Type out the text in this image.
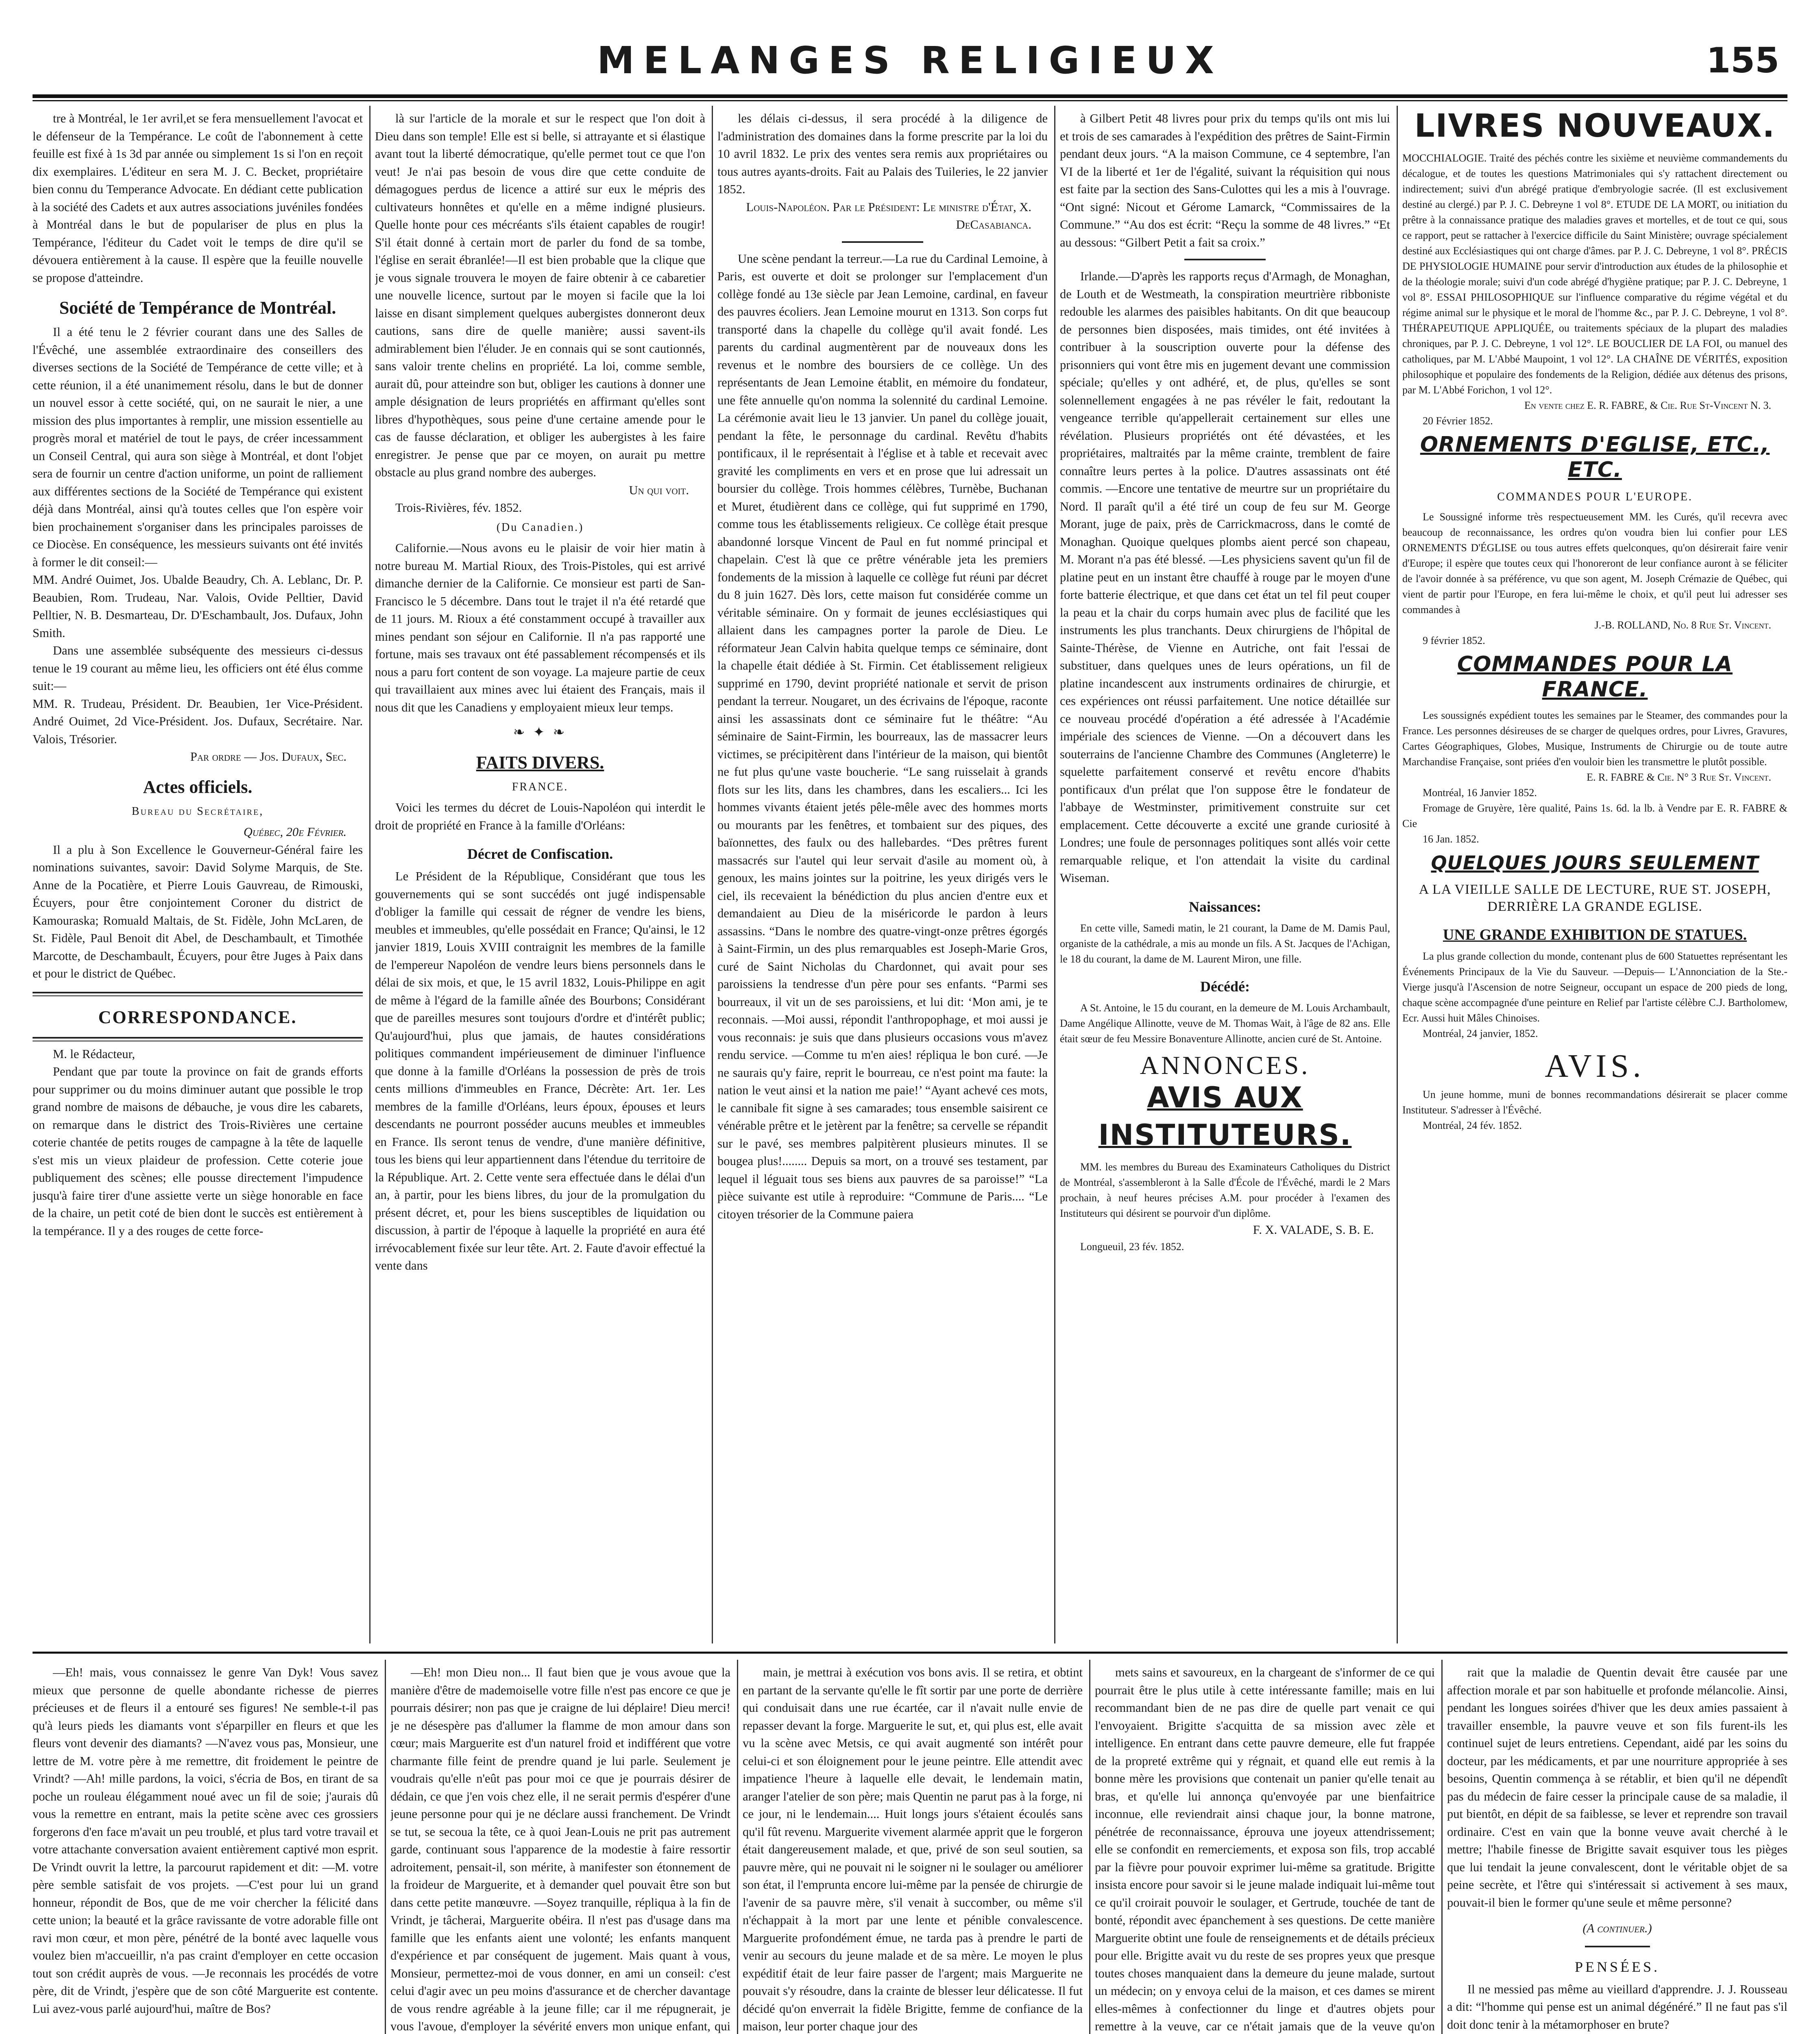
MELANGES RELIGIEUX	155

tre à Montréal, le 1er avril,et se fera mensuellement l'avocat et le défenseur de la Tempérance. Le coût de l'abonnement à cette feuille est fixé à 1s 3d par année ou simplement 1s si l'on en reçoit dix exemplaires. L'éditeur en sera M. J. C. Becket, propriétaire bien connu du Temperance Advocate. En dédiant cette publication à la société des Cadets et aux autres associations juvéniles fondées à Montréal dans le but de populariser de plus en plus la Tempérance, l'éditeur du Cadet voit le temps de dire qu'il se dévouera entièrement à la cause. Il espère que la feuille nouvelle se propose d'atteindre.

Société de Tempérance de Montréal.

Il a été tenu le 2 février courant dans une des Salles de l'Évêché, une assemblée extraordinaire des conseillers des diverses sections de la Société de Tempérance de cette ville; et à cette réunion, il a été unanimement résolu, dans le but de donner un nouvel essor à cette société, qui, on ne saurait le nier, a une mission des plus importantes à remplir, une mission essentielle au progrès moral et matériel de tout le pays, de créer incessamment un Conseil Central, qui aura son siège à Montréal, et dont l'objet sera de fournir un centre d'action uniforme, un point de ralliement aux différentes sections de la Société de Tempérance qui existent déjà dans Montréal, ainsi qu'à toutes celles que l'on espère voir bien prochainement s'organiser dans les principales paroisses de ce Diocèse. En conséquence, les messieurs suivants ont été invités à former le dit conseil:—

MM. André Ouimet, Jos. Ubalde Beaudry, Ch. A. Leblanc, Dr. P. Beaubien, Rom. Trudeau, Nar. Valois, Ovide Pelltier, David Pelltier, N. B. Desmarteau, Dr. D'Eschambault, Jos. Dufaux, John Smith.

Dans une assemblée subséquente des messieurs ci-dessus tenue le 19 courant au même lieu, les officiers ont été élus comme suit:—

MM. R. Trudeau, Président. Dr. Beaubien, 1er Vice-Président. André Ouimet, 2d Vice-Président. Jos. Dufaux, Secrétaire. Nar. Valois, Trésorier.

Par ordre — Jos. Dufaux, Sec.
Actes officiels.
Bureau du Secrétaire,
Québec, 20e Février.

Il a plu à Son Excellence le Gouverneur-Général faire les nominations suivantes, savoir: David Solyme Marquis, de Ste. Anne de la Pocatière, et Pierre Louis Gauvreau, de Rimouski, Écuyers, pour être conjointement Coroner du district de Kamouraska; Romuald Maltais, de St. Fidèle, John McLaren, de St. Fidèle, Paul Benoit dit Abel, de Deschambault, et Timothée Marcotte, de Deschambault, Écuyers, pour être Juges à Paix dans et pour le district de Québec.

CORRESPONDANCE.

M. le Rédacteur,

Pendant que par toute la province on fait de grands efforts pour supprimer ou du moins diminuer autant que possible le trop grand nombre de maisons de débauche, je vous dire les cabarets, on remarque dans le district des Trois-Rivières une certaine coterie chantée de petits rouges de campagne à la tête de laquelle s'est mis un vieux plaideur de profession. Cette coterie joue publiquement des scènes; elle pousse directement l'impudence jusqu'à faire tirer d'une assiette verte un siège honorable en face de la chaire, un petit coté de bien dont le succès est entièrement à la tempérance. Il y a des rouges de cette force-

là sur l'article de la morale et sur le respect que l'on doit à Dieu dans son temple! Elle est si belle, si attrayante et si élastique avant tout la liberté démocratique, qu'elle permet tout ce que l'on veut! Je n'ai pas besoin de vous dire que cette conduite de démagogues perdus de licence a attiré sur eux le mépris des cultivateurs honnêtes et qu'elle en a même indigné plusieurs. Quelle honte pour ces mécréants s'ils étaient capables de rougir! S'il était donné à certain mort de parler du fond de sa tombe, l'église en serait ébranlée!—Il est bien probable que la clique que je vous signale trouvera le moyen de faire obtenir à ce cabaretier une nouvelle licence, surtout par le moyen si facile que la loi laisse en disant simplement quelques aubergistes donneront deux cautions, sans dire de quelle manière; aussi savent-ils admirablement bien l'éluder. Je en connais qui se sont cautionnés, sans valoir trente chelins en propriété. La loi, comme semble, aurait dû, pour atteindre son but, obliger les cautions à donner une ample désignation de leurs propriétés en affirmant qu'elles sont libres d'hypothèques, sous peine d'une certaine amende pour le cas de fausse déclaration, et obliger les aubergistes à les faire enregistrer. Je pense que par ce moyen, on aurait pu mettre obstacle au plus grand nombre des auberges.

Un qui voit.

Trois-Rivières, fév. 1852.

(Du Canadien.)

Californie.—Nous avons eu le plaisir de voir hier matin à notre bureau M. Martial Rioux, des Trois-Pistoles, qui est arrivé dimanche dernier de la Californie. Ce monsieur est parti de San-Francisco le 5 décembre. Dans tout le trajet il n'a été retardé que de 11 jours. M. Rioux a été constamment occupé à travailler aux mines pendant son séjour en Californie. Il n'a pas rapporté une fortune, mais ses travaux ont été passablement récompensés et ils nous a paru fort content de son voyage. La majeure partie de ceux qui travaillaient aux mines avec lui étaient des Français, mais il nous dit que les Canadiens y employaient mieux leur temps.

❧ ✦ ❧
FAITS DIVERS.
FRANCE.

Voici les termes du décret de Louis-Napoléon qui interdit le droit de propriété en France à la famille d'Orléans:

Décret de Confiscation.

Le Président de la République, Considérant que tous les gouvernements qui se sont succédés ont jugé indispensable d'obliger la famille qui cessait de régner de vendre les biens, meubles et immeubles, qu'elle possédait en France; Qu'ainsi, le 12 janvier 1819, Louis XVIII contraignit les membres de la famille de l'empereur Napoléon de vendre leurs biens personnels dans le délai de six mois, et que, le 15 avril 1832, Louis-Philippe en agit de même à l'égard de la famille aînée des Bourbons; Considérant que de pareilles mesures sont toujours d'ordre et d'intérêt public; Qu'aujourd'hui, plus que jamais, de hautes considérations politiques commandent impérieusement de diminuer l'influence que donne à la famille d'Orléans la possession de près de trois cents millions d'immeubles en France, Décrète: Art. 1er. Les membres de la famille d'Orléans, leurs époux, épouses et leurs descendants ne pourront posséder aucuns meubles et immeubles en France. Ils seront tenus de vendre, d'une manière définitive, tous les biens qui leur appartiennent dans l'étendue du territoire de la République. Art. 2. Cette vente sera effectuée dans le délai d'un an, à partir, pour les biens libres, du jour de la promulgation du présent décret, et, pour les biens susceptibles de liquidation ou discussion, à partir de l'époque à laquelle la propriété en aura été irrévocablement fixée sur leur tête. Art. 2. Faute d'avoir effectué la vente dans

les délais ci-dessus, il sera procédé à la diligence de l'administration des domaines dans la forme prescrite par la loi du 10 avril 1832. Le prix des ventes sera remis aux propriétaires ou tous autres ayants-droits. Fait au Palais des Tuileries, le 22 janvier 1852.

Louis-Napoléon. Par le Président: Le ministre d'État, X. DeCasabianca.

Une scène pendant la terreur.—La rue du Cardinal Lemoine, à Paris, est ouverte et doit se prolonger sur l'emplacement d'un collège fondé au 13e siècle par Jean Lemoine, cardinal, en faveur des pauvres écoliers. Jean Lemoine mourut en 1313. Son corps fut transporté dans la chapelle du collège qu'il avait fondé. Les parents du cardinal augmentèrent par de nouveaux dons les revenus et le nombre des boursiers de ce collège. Un des représentants de Jean Lemoine établit, en mémoire du fondateur, une fête annuelle qu'on nomma la solennité du cardinal Lemoine. La cérémonie avait lieu le 13 janvier. Un panel du collège jouait, pendant la fête, le personnage du cardinal. Revêtu d'habits pontificaux, il le représentait à l'église et à table et recevait avec gravité les compliments en vers et en prose que lui adressait un boursier du collège. Trois hommes célèbres, Turnèbe, Buchanan et Muret, étudièrent dans ce collège, qui fut supprimé en 1790, comme tous les établissements religieux. Ce collège était presque abandonné lorsque Vincent de Paul en fut nommé principal et chapelain. C'est là que ce prêtre vénérable jeta les premiers fondements de la mission à laquelle ce collège fut réuni par décret du 8 juin 1627. Dès lors, cette maison fut considérée comme un véritable séminaire. On y formait de jeunes ecclésiastiques qui allaient dans les campagnes porter la parole de Dieu. Le réformateur Jean Calvin habita quelque temps ce séminaire, dont la chapelle était dédiée à St. Firmin. Cet établissement religieux supprimé en 1790, devint propriété nationale et servit de prison pendant la terreur. Nougaret, un des écrivains de l'époque, raconte ainsi les assassinats dont ce séminaire fut le théâtre: “Au séminaire de Saint-Firmin, les bourreaux, las de massacrer leurs victimes, se précipitèrent dans l'intérieur de la maison, qui bientôt ne fut plus qu'une vaste boucherie. “Le sang ruisselait à grands flots sur les lits, dans les chambres, dans les escaliers... Ici les hommes vivants étaient jetés pêle-mêle avec des hommes morts ou mourants par les fenêtres, et tombaient sur des piques, des baïonnettes, des faulx ou des hallebardes. “Des prêtres furent massacrés sur l'autel qui leur servait d'asile au moment où, à genoux, les mains jointes sur la poitrine, les yeux dirigés vers le ciel, ils recevaient la bénédiction du plus ancien d'entre eux et demandaient au Dieu de la miséricorde le pardon à leurs assassins. “Dans le nombre des quatre-vingt-onze prêtres égorgés à Saint-Firmin, un des plus remarquables est Joseph-Marie Gros, curé de Saint Nicholas du Chardonnet, qui avait pour ses paroissiens la tendresse d'un père pour ses enfants. “Parmi ses bourreaux, il vit un de ses paroissiens, et lui dit: ‘Mon ami, je te reconnais. —Moi aussi, répondit l'anthropophage, et moi aussi je vous reconnais: je suis que dans plusieurs occasions vous m'avez rendu service. —Comme tu m'en aies! répliqua le bon curé. —Je ne saurais qu'y faire, reprit le bourreau, ce n'est point ma faute: la nation le veut ainsi et la nation me paie!’ “Ayant achevé ces mots, le cannibale fit signe à ses camarades; tous ensemble saisirent ce vénérable prêtre et le jetèrent par la fenêtre; sa cervelle se répandit sur le pavé, ses membres palpitèrent plusieurs minutes. Il se bougea plus!........ Depuis sa mort, on a trouvé ses testament, par lequel il léguait tous ses biens aux pauvres de sa paroisse!” “La pièce suivante est utile à reproduire: “Commune de Paris.... “Le citoyen trésorier de la Commune paiera

à Gilbert Petit 48 livres pour prix du temps qu'ils ont mis lui et trois de ses camarades à l'expédition des prêtres de Saint-Firmin pendant deux jours. “A la maison Commune, ce 4 septembre, l'an VI de la liberté et 1er de l'égalité, suivant la réquisition qui nous est faite par la section des Sans-Culottes qui les a mis à l'ouvrage. “Ont signé: Nicout et Gérome Lamarck, “Commissaires de la Commune.” “Au dos est écrit: “Reçu la somme de 48 livres.” “Et au dessous: “Gilbert Petit a fait sa croix.”

Irlande.—D'après les rapports reçus d'Armagh, de Monaghan, de Louth et de Westmeath, la conspiration meurtrière ribboniste redouble les alarmes des paisibles habitants. On dit que beaucoup de personnes bien disposées, mais timides, ont été invitées à contribuer à la souscription ouverte pour la défense des prisonniers qui vont être mis en jugement devant une commission spéciale; qu'elles y ont adhéré, et, de plus, qu'elles se sont solennellement engagées à ne pas révéler le fait, redoutant la vengeance terrible qu'appellerait certainement sur elles une révélation. Plusieurs propriétés ont été dévastées, et les propriétaires, maltraités par la même crainte, tremblent de faire connaître leurs pertes à la police. D'autres assassinats ont été commis. —Encore une tentative de meurtre sur un propriétaire du Nord. Il paraît qu'il a été tiré un coup de feu sur M. George Morant, juge de paix, près de Carrickmacross, dans le comté de Monaghan. Quoique quelques plombs aient percé son chapeau, M. Morant n'a pas été blessé. —Les physiciens savent qu'un fil de platine peut en un instant être chauffé à rouge par le moyen d'une forte batterie électrique, et que dans cet état un tel fil peut couper la peau et la chair du corps humain avec plus de facilité que les instruments les plus tranchants. Deux chirurgiens de l'hôpital de Sainte-Thérèse, de Vienne en Autriche, ont fait l'essai de substituer, dans quelques unes de leurs opérations, un fil de platine incandescent aux instruments ordinaires de chirurgie, et ces expériences ont réussi parfaitement. Une notice détaillée sur ce nouveau procédé d'opération a été adressée à l'Académie impériale des sciences de Vienne. —On a découvert dans les souterrains de l'ancienne Chambre des Communes (Angleterre) le squelette parfaitement conservé et revêtu encore d'habits pontificaux d'un prélat que l'on suppose être le fondateur de l'abbaye de Westminster, primitivement construite sur cet emplacement. Cette découverte a excité une grande curiosité à Londres; une foule de personnages politiques sont allés voir cette remarquable relique, et l'on attendait la visite du cardinal Wiseman.

Naissances:

En cette ville, Samedi matin, le 21 courant, la Dame de M. Damis Paul, organiste de la cathédrale, a mis au monde un fils. A St. Jacques de l'Achigan, le 18 du courant, la dame de M. Laurent Miron, une fille.

Décédé:

A St. Antoine, le 15 du courant, en la demeure de M. Louis Archambault, Dame Angélique Allinotte, veuve de M. Thomas Wait, à l'âge de 82 ans. Elle était sœur de feu Messire Bonaventure Allinotte, ancien curé de St. Antoine.

ANNONCES.
AVIS AUX INSTITUTEURS.

MM. les membres du Bureau des Examinateurs Catholiques du District de Montréal, s'assembleront à la Salle d'École de l'Évêché, mardi le 2 Mars prochain, à neuf heures précises A.M. pour procéder à l'examen des Instituteurs qui désirent se pourvoir d'un diplôme.

F. X. VALADE, S. B. E.

Longueuil, 23 fév. 1852.

LIVRES NOUVEAUX.

MOCCHIALOGIE. Traité des péchés contre les sixième et neuvième commandements du décalogue, et de toutes les questions Matrimoniales qui s'y rattachent directement ou indirectement; suivi d'un abrégé pratique d'embryologie sacrée. (Il est exclusivement destiné au clergé.) par P. J. C. Debreyne 1 vol 8°. ETUDE DE LA MORT, ou initiation du prêtre à la connaissance pratique des maladies graves et mortelles, et de tout ce qui, sous ce rapport, peut se rattacher à l'exercice difficile du Saint Ministère; ouvrage spécialement destiné aux Ecclésiastiques qui ont charge d'âmes. par P. J. C. Debreyne, 1 vol 8°. PRÉCIS DE PHYSIOLOGIE HUMAINE pour servir d'introduction aux études de la philosophie et de la théologie morale; suivi d'un code abrégé d'hygiène pratique; par P. J. C. Debreyne, 1 vol 8°. ESSAI PHILOSOPHIQUE sur l'influence comparative du régime végétal et du régime animal sur le physique et le moral de l'homme &c., par P. J. C. Debreyne, 1 vol 8°. THÉRAPEUTIQUE APPLIQUÉE, ou traitements spéciaux de la plupart des maladies chroniques, par P. J. C. Debreyne, 1 vol 12°. LE BOUCLIER DE LA FOI, ou manuel des catholiques, par M. L'Abbé Maupoint, 1 vol 12°. LA CHAÎNE DE VÉRITÉS, exposition philosophique et populaire des fondements de la Religion, dédiée aux détenus des prisons, par M. L'Abbé Forichon, 1 vol 12°.

En vente chez E. R. FABRE, & Cie. Rue St-Vincent N. 3.

20 Février 1852.

ORNEMENTS D'EGLISE, ETC., ETC.
COMMANDES POUR L'EUROPE.

Le Soussigné informe très respectueusement MM. les Curés, qu'il recevra avec beaucoup de reconnaissance, les ordres qu'on voudra bien lui confier pour LES ORNEMENTS D'ÉGLISE ou tous autres effets quelconques, qu'on désirerait faire venir d'Europe; il espère que toutes ceux qui l'honoreront de leur confiance auront à se féliciter de l'avoir donnée à sa préférence, vu que son agent, M. Joseph Crémazie de Québec, qui vient de partir pour l'Europe, en fera lui-même le choix, et qu'il peut lui adresser ses commandes à

J.-B. ROLLAND, No. 8 Rue St. Vincent.

9 février 1852.

COMMANDES POUR LA FRANCE.

Les soussignés expédient toutes les semaines par le Steamer, des commandes pour la France. Les personnes désireuses de se charger de quelques ordres, pour Livres, Gravures, Cartes Géographiques, Globes, Musique, Instruments de Chirurgie ou de toute autre Marchandise Française, sont priées d'en vouloir bien les transmettre le plutôt possible.

E. R. FABRE & Cie. N° 3 Rue St. Vincent.

Montréal, 16 Janvier 1852.

Fromage de Gruyère, 1ère qualité, Pains 1s. 6d. la lb. à Vendre par E. R. FABRE & Cie

16 Jan. 1852.

QUELQUES JOURS SEULEMENT
A LA VIEILLE SALLE DE LECTURE, RUE ST. JOSEPH, DERRIÈRE LA GRANDE EGLISE.
UNE GRANDE EXHIBITION DE STATUES.

La plus grande collection du monde, contenant plus de 600 Statuettes représentant les Événements Principaux de la Vie du Sauveur. —Depuis— L'Annonciation de la Ste.-Vierge jusqu'à l'Ascension de notre Seigneur, occupant un espace de 200 pieds de long, chaque scène accompagnée d'une peinture en Relief par l'artiste célèbre C.J. Bartholomew, Ecr. Aussi huit Mâles Chinoises.

Montréal, 24 janvier, 1852.

AVIS.

Un jeune homme, muni de bonnes recommandations désirerait se placer comme Instituteur. S'adresser à l'Évêché.

Montréal, 24 fév. 1852.

—Eh! mais, vous connaissez le genre Van Dyk! Vous savez mieux que personne de quelle abondante richesse de pierres précieuses et de fleurs il a entouré ses figures! Ne semble-t-il pas qu'à leurs pieds les diamants vont s'éparpiller en fleurs et que les fleurs vont devenir des diamants? —N'avez vous pas, Monsieur, une lettre de M. votre père à me remettre, dit froidement le peintre de Vrindt? —Ah! mille pardons, la voici, s'écria de Bos, en tirant de sa poche un rouleau élégamment noué avec un fil de soie; j'aurais dû vous la remettre en entrant, mais la petite scène avec ces grossiers forgerons d'en face m'avait un peu troublé, et plus tard votre travail et votre attachante conversation avaient entièrement captivé mon esprit. De Vrindt ouvrit la lettre, la parcourut rapidement et dit: —M. votre père semble satisfait de vos projets. —C'est pour lui un grand honneur, répondit de Bos, que de me voir chercher la félicité dans cette union; la beauté et la grâce ravissante de votre adorable fille ont ravi mon cœur, et mon père, pénétré de la bonté avec laquelle vous voulez bien m'accueillir, n'a pas craint d'employer en cette occasion tout son crédit auprès de vous. —Je reconnais les procédés de votre père, dit de Vrindt, j'espère que de son côté Marguerite est contente. Lui avez-vous parlé aujourd'hui, maître de Bos?

—Eh! mon Dieu non... Il faut bien que je vous avoue que la manière d'être de mademoiselle votre fille n'est pas encore ce que je pourrais désirer; non pas que je craigne de lui déplaire! Dieu merci! je ne désespère pas d'allumer la flamme de mon amour dans son cœur; mais Marguerite est d'un naturel froid et indifférent que votre charmante fille feint de prendre quand je lui parle. Seulement je voudrais qu'elle n'eût pas pour moi ce que je pourrais désirer de dédain, ce que j'en vois chez elle, il ne serait permis d'espérer d'une jeune personne pour qui je ne déclare aussi franchement. De Vrindt se tut, se secoua la tête, ce à quoi Jean-Louis ne prit pas autrement garde, continuant sous l'apparence de la modestie à faire ressortir adroitement, pensait-il, son mérite, à manifester son étonnement de la froideur de Marguerite, et à demander quel pouvait être son but dans cette petite manœuvre. —Soyez tranquille, répliqua à la fin de Vrindt, je tâcherai, Marguerite obéira. Il n'est pas d'usage dans ma famille que les enfants aient une volonté; les enfants manquent d'expérience et par conséquent de jugement. Mais quant à vous, Monsieur, permettez-moi de vous donner, en ami un conseil: c'est celui d'agir avec un peu moins d'assurance et de chercher davantage de vous rendre agréable à la jeune fille; car il me répugnerait, je vous l'avoue, d'employer la sévérité envers mon unique enfant, qui

main, je mettrai à exécution vos bons avis. Il se retira, et obtint en partant de la servante qu'elle le fît sortir par une porte de derrière qui conduisait dans une rue écartée, car il n'avait nulle envie de repasser devant la forge. Marguerite le sut, et, qui plus est, elle avait vu la scène avec Metsis, ce qui avait augmenté son intérêt pour celui-ci et son éloignement pour le jeune peintre. Elle attendit avec impatience l'heure à laquelle elle devait, le lendemain matin, aranger l'atelier de son père; mais Quentin ne parut pas à la forge, ni ce jour, ni le lendemain.... Huit longs jours s'étaient écoulés sans qu'il fût revenu. Marguerite vivement alarmée apprit que le forgeron était dangereusement malade, et que, privé de son seul soutien, sa pauvre mère, qui ne pouvait ni le soigner ni le soulager ou améliorer son état, il l'emprunta encore lui-même par la pensée de chirurgie de l'avenir de sa pauvre mère, s'il venait à succomber, ou même s'il n'échappait à la mort par une lente et pénible convalescence. Marguerite profondément émue, ne tarda pas à prendre le parti de venir au secours du jeune malade et de sa mère. Le moyen le plus expéditif était de leur faire passer de l'argent; mais Marguerite ne pouvait s'y résoudre, dans la crainte de blesser leur délicatesse. Il fut décidé qu'on enverrait la fidèle Brigitte, femme de confiance de la maison, leur porter chaque jour des

mets sains et savoureux, en la chargeant de s'informer de ce qui pourrait être le plus utile à cette intéressante famille; mais en lui recommandant bien de ne pas dire de quelle part venait ce qui l'envoyaient. Brigitte s'acquitta de sa mission avec zèle et intelligence. En entrant dans cette pauvre demeure, elle fut frappée de la propreté extrême qui y régnait, et quand elle eut remis à la bonne mère les provisions que contenait un panier qu'elle tenait au bras, et qu'elle lui annonça qu'envoyée par une bienfaitrice inconnue, elle reviendrait ainsi chaque jour, la bonne matrone, pénétrée de reconnaissance, éprouva une joyeux attendrissement; elle se confondit en remerciements, et exposa son fils, trop accablé par la fièvre pour pouvoir exprimer lui-même sa gratitude. Brigitte insista encore pour savoir si le jeune malade indiquait lui-même tout ce qu'il croirait pouvoir le soulager, et Gertrude, touchée de tant de bonté, répondit avec épanchement à ses questions. De cette manière Marguerite obtint une foule de renseignements et de détails précieux pour elle. Brigitte avait vu du reste de ses propres yeux que presque toutes choses manquaient dans la demeure du jeune malade, surtout un médecin; on y envoya celui de la maison, et ces dames se mirent elles-mêmes à confectionner du linge et d'autres objets pour remettre à la veuve, car ce n'était jamais que de la veuve qu'on

rait que la maladie de Quentin devait être causée par une affection morale et par son habituelle et profonde mélancolie. Ainsi, pendant les longues soirées d'hiver que les deux amies passaient à travailler ensemble, la pauvre veuve et son fils furent-ils les continuel sujet de leurs entretiens. Cependant, aidé par les soins du docteur, par les médicaments, et par une nourriture appropriée à ses besoins, Quentin commença à se rétablir, et bien qu'il ne dépendît pas du médecin de faire cesser la principale cause de sa maladie, il put bientôt, en dépit de sa faiblesse, se lever et reprendre son travail ordinaire. C'est en vain que la bonne veuve avait cherché à le mettre; l'habile finesse de Brigitte savait esquiver tous les pièges que lui tendait la jeune convalescent, dont le véritable objet de sa peine secrète, et l'être qui s'intéressait si activement à ses maux, pouvait-il bien le former qu'une seule et même personne?

(A continuer.)
PENSÉES.

Il ne messied pas même au vieillard d'apprendre. J. J. Rousseau a dit: “l'homme qui pense est un animal dégénéré.” Il ne faut pas s'il doit donc tenir à la métamorphoser en brute?
